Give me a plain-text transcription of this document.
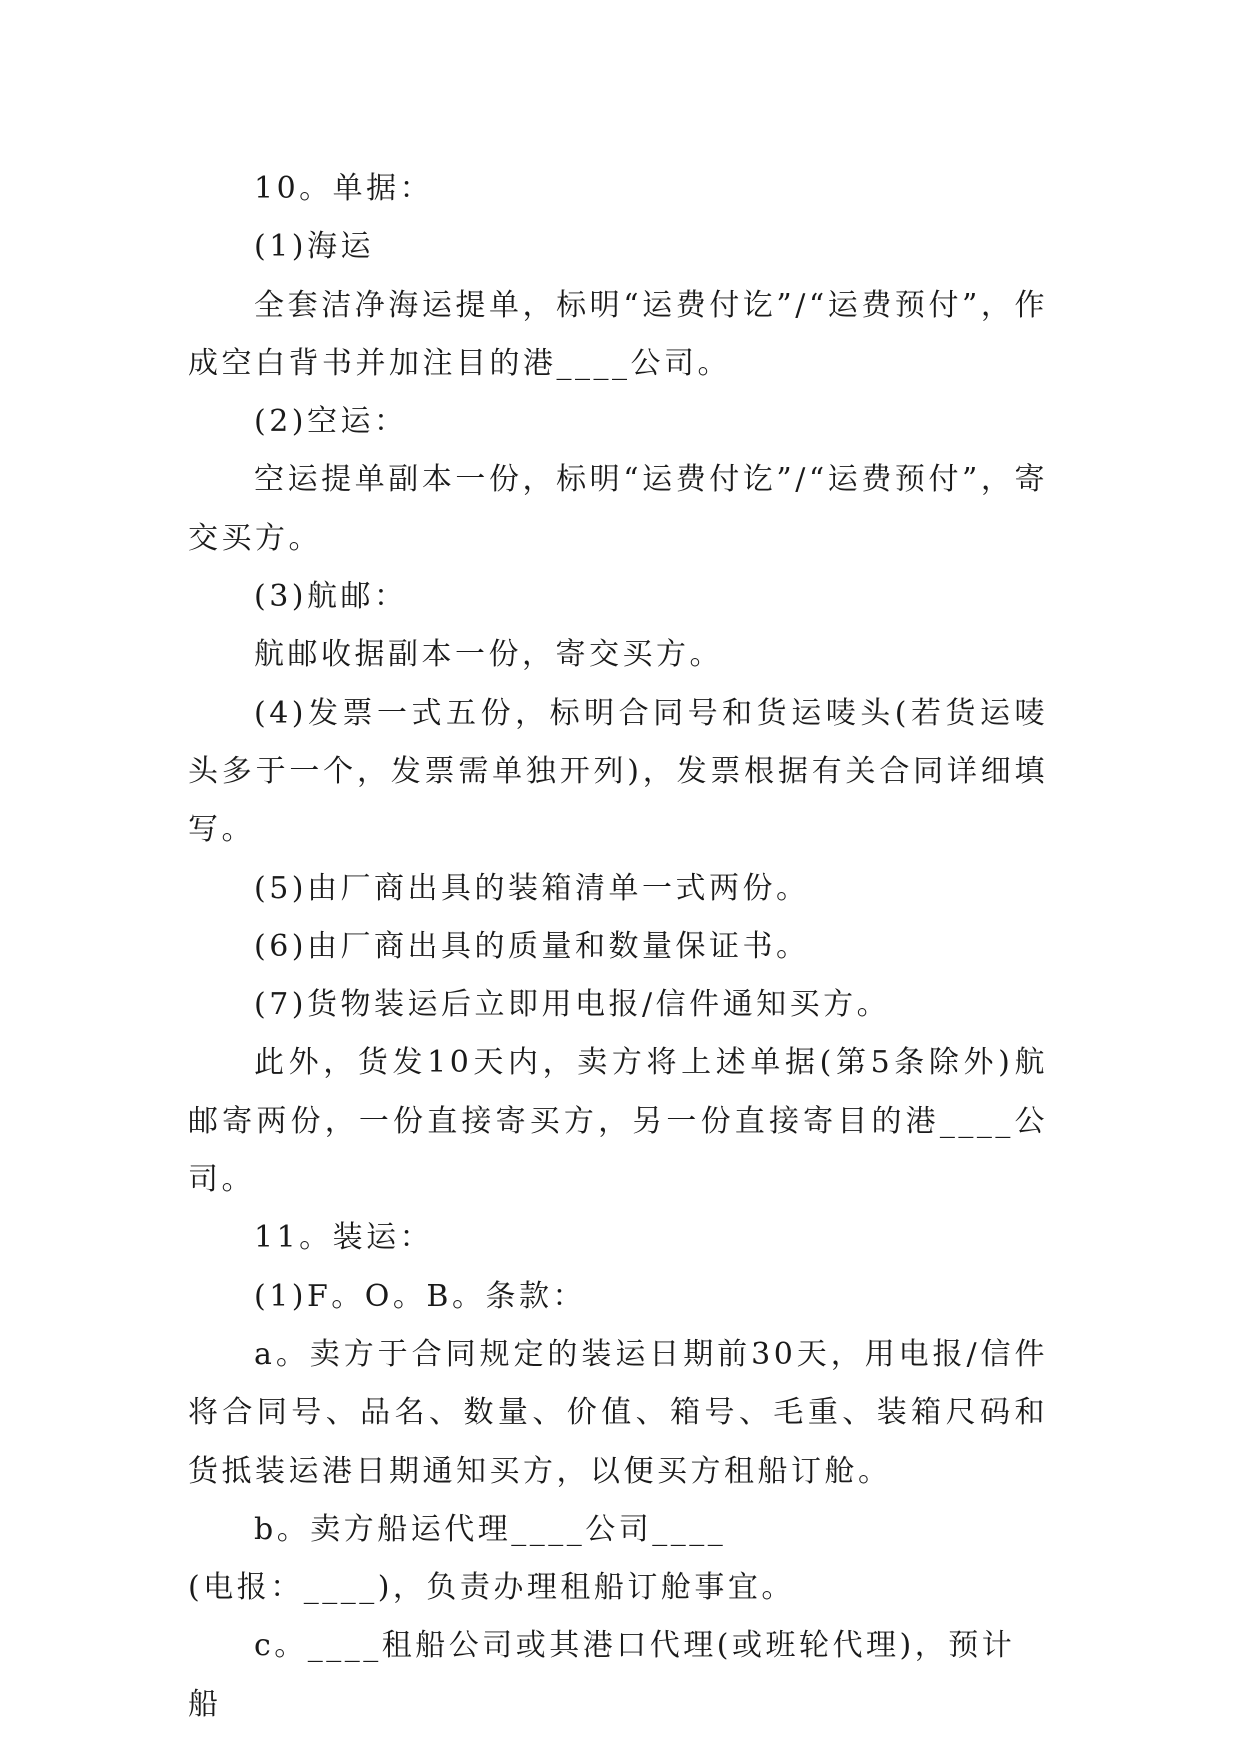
10。单据：

(1)海运

全套洁净海运提单，标明“运费付讫”/“运费预付”，作成空白背书并加注目的港____公司。

(2)空运：

空运提单副本一份，标明“运费付讫”/“运费预付”，寄交买方。

(3)航邮：

航邮收据副本一份，寄交买方。

(4)发票一式五份，标明合同号和货运唛头(若货运唛头多于一个，发票需单独开列)，发票根据有关合同详细填写。

(5)由厂商出具的装箱清单一式两份。

(6)由厂商出具的质量和数量保证书。

(7)货物装运后立即用电报/信件通知买方。

此外，货发10天内，卖方将上述单据(第5条除外)航邮寄两份，一份直接寄买方，另一份直接寄目的港____公司。

11。装运：

(1)F。O。B。条款：

a。卖方于合同规定的装运日期前30天，用电报/信件将合同号、品名、数量、价值、箱号、毛重、装箱尺码和货抵装运港日期通知买方，以便买方租船订舱。

b。卖方船运代理____公司____

(电报：____)，负责办理租船订舱事宜。

c。____租船公司或其港口代理(或班轮代理)，预计船
